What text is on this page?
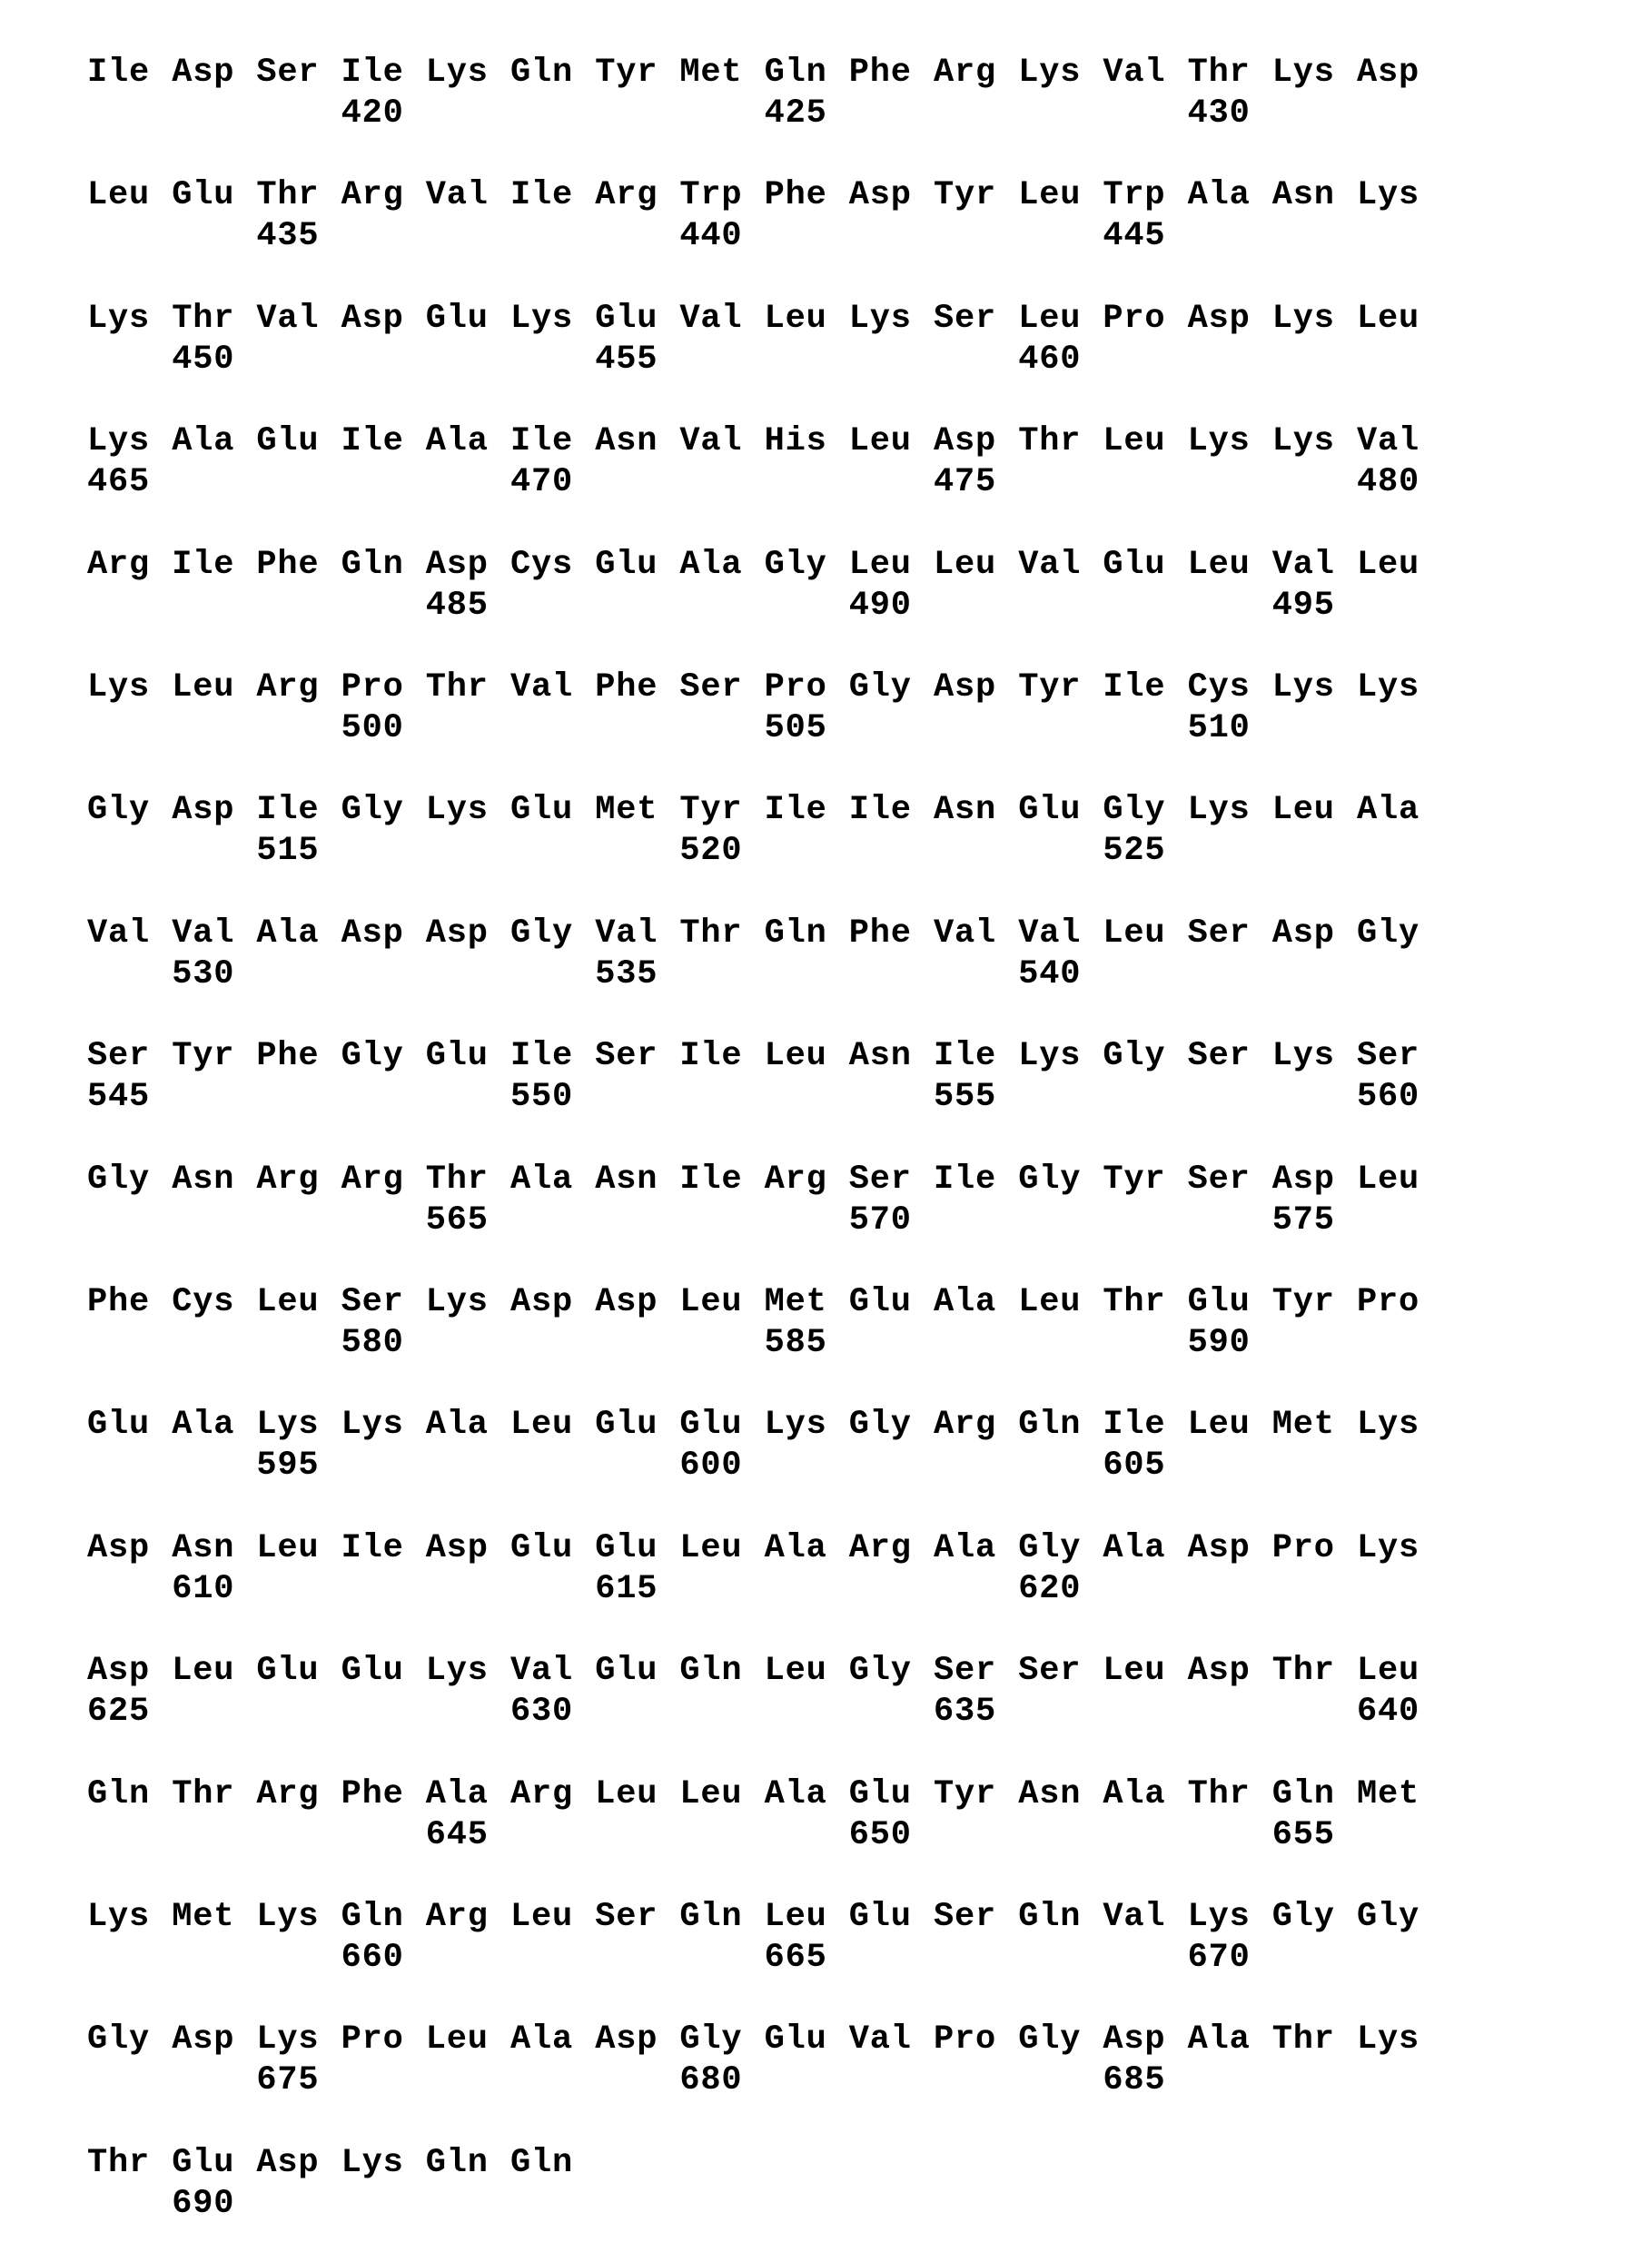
Ile Asp Ser Ile Lys Gln Tyr Met Gln Phe Arg Lys Val Thr Lys Asp
420	425	430
Leu Glu Thr Arg Val Ile Arg Trp Phe Asp Tyr Leu Trp Ala Asn Lys
435	440	445
Lys Thr Val Asp Glu Lys Glu Val Leu Lys Ser Leu Pro Asp Lys Leu
450	455	460
Lys Ala Glu Ile Ala Ile Asn Val His Leu Asp Thr Leu Lys Lys Val
465	470	475	480
Arg Ile Phe Gln Asp Cys Glu Ala Gly Leu Leu Val Glu Leu Val Leu
485	490	495
Lys Leu Arg Pro Thr Val Phe Ser Pro Gly Asp Tyr Ile Cys Lys Lys
500	505	510
Gly Asp Ile Gly Lys Glu Met Tyr Ile Ile Asn Glu Gly Lys Leu Ala
515	520	525
Val Val Ala Asp Asp Gly Val Thr Gln Phe Val Val Leu Ser Asp Gly
530	535	540
Ser Tyr Phe Gly Glu Ile Ser Ile Leu Asn Ile Lys Gly Ser Lys Ser
545	550	555	560
Gly Asn Arg Arg Thr Ala Asn Ile Arg Ser Ile Gly Tyr Ser Asp Leu
565	570	575
Phe Cys Leu Ser Lys Asp Asp Leu Met Glu Ala Leu Thr Glu Tyr Pro
580	585	590
Glu Ala Lys Lys Ala Leu Glu Glu Lys Gly Arg Gln Ile Leu Met Lys
595	600	605
Asp Asn Leu Ile Asp Glu Glu Leu Ala Arg Ala Gly Ala Asp Pro Lys
610	615	620
Asp Leu Glu Glu Lys Val Glu Gln Leu Gly Ser Ser Leu Asp Thr Leu
625	630	635	640
Gln Thr Arg Phe Ala Arg Leu Leu Ala Glu Tyr Asn Ala Thr Gln Met
645	650	655
Lys Met Lys Gln Arg Leu Ser Gln Leu Glu Ser Gln Val Lys Gly Gly
660	665	670
Gly Asp Lys Pro Leu Ala Asp Gly Glu Val Pro Gly Asp Ala Thr Lys
675	680	685
Thr Glu Asp Lys Gln Gln
690
